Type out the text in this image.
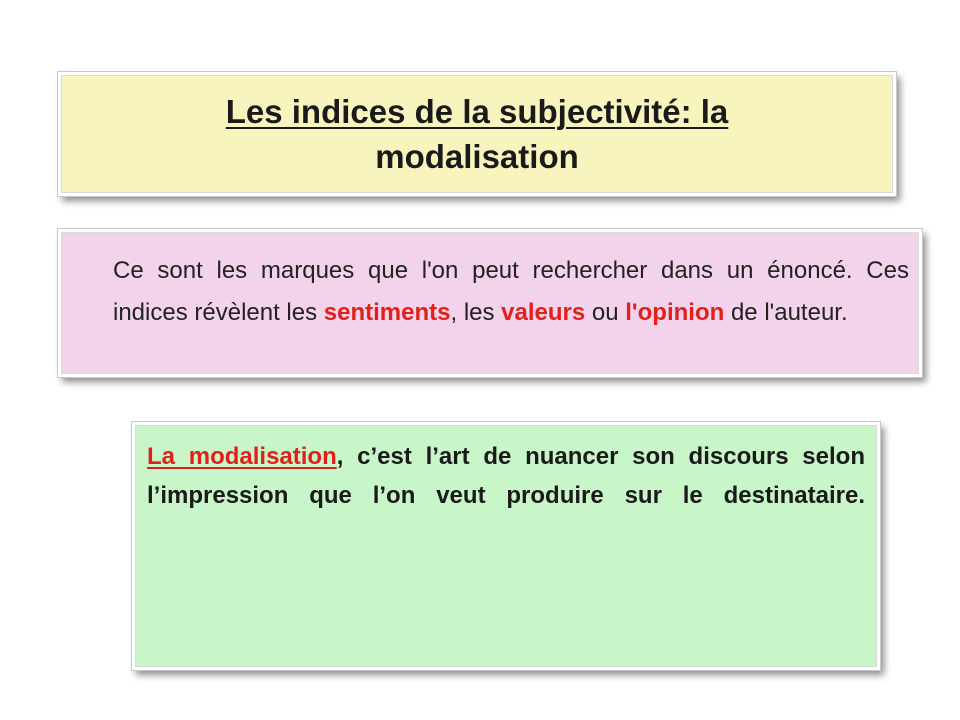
Les indices de la subjectivité: la
modalisation

Ce sont les marques que l'on peut rechercher dans un énoncé. Ces indices révèlent les sentiments, les valeurs ou l'opinion de l'auteur.

La modalisation, c’est l’art de nuancer son discours selon l’impression que l’on veut produire sur le destinataire.
